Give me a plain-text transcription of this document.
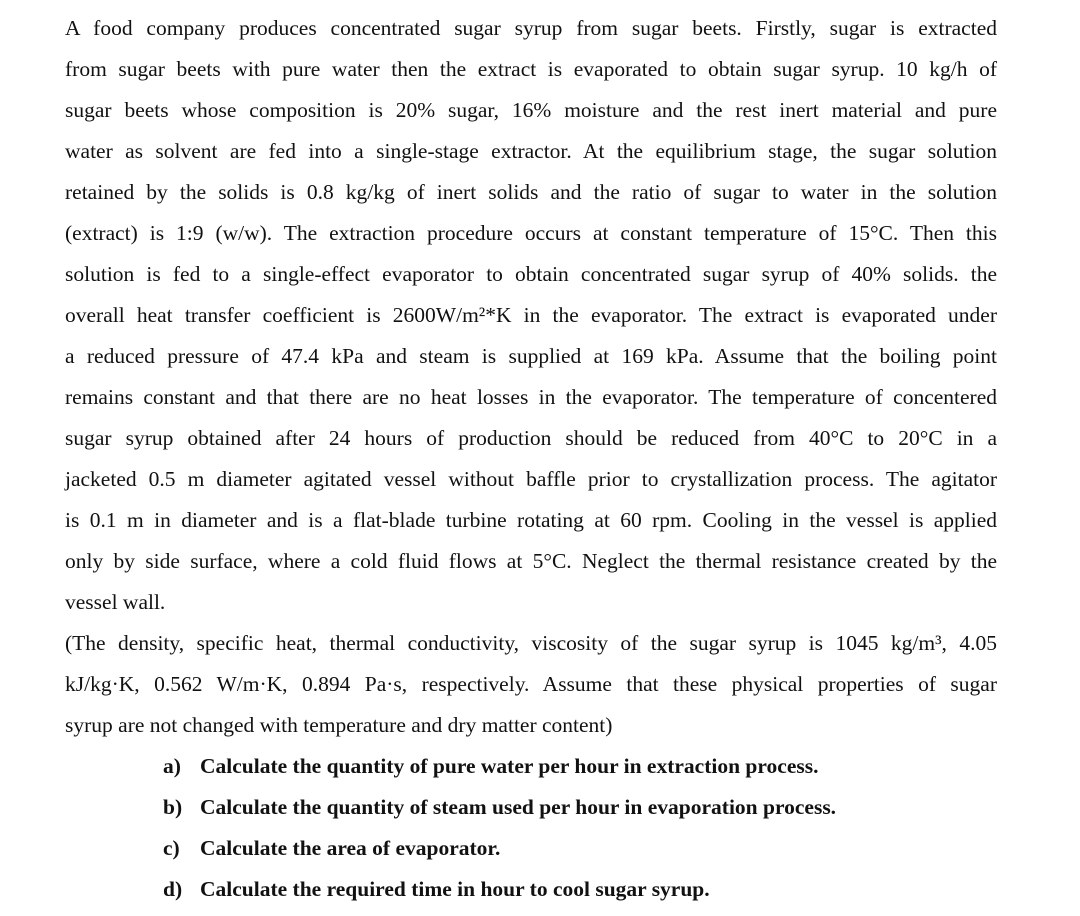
A food company produces concentrated sugar syrup from sugar beets. Firstly, sugar is extracted
from sugar beets with pure water then the extract is evaporated to obtain sugar syrup. 10 kg/h of
sugar beets whose composition is 20% sugar, 16% moisture and the rest inert material and pure
water as solvent are fed into a single-stage extractor. At the equilibrium stage, the sugar solution
retained by the solids is 0.8 kg/kg of inert solids and the ratio of sugar to water in the solution
(extract) is 1:9 (w/w). The extraction procedure occurs at constant temperature of 15°C. Then this
solution is fed to a single-effect evaporator to obtain concentrated sugar syrup of 40% solids. the
overall heat transfer coefficient is 2600W/m²*K in the evaporator. The extract is evaporated under
a reduced pressure of 47.4 kPa and steam is supplied at 169 kPa. Assume that the boiling point
remains constant and that there are no heat losses in the evaporator. The temperature of concentered
sugar syrup obtained after 24 hours of production should be reduced from 40°C to 20°C in a
jacketed 0.5 m diameter agitated vessel without baffle prior to crystallization process. The agitator
is 0.1 m in diameter and is a flat-blade turbine rotating at 60 rpm. Cooling in the vessel is applied
only by side surface, where a cold fluid flows at 5°C. Neglect the thermal resistance created by the
vessel wall.
(The density, specific heat, thermal conductivity, viscosity of the sugar syrup is 1045 kg/m³, 4.05
kJ/kg·K, 0.562 W/m·K, 0.894 Pa·s, respectively. Assume that these physical properties of sugar
syrup are not changed with temperature and dry matter content)
a) Calculate the quantity of pure water per hour in extraction process.
b) Calculate the quantity of steam used per hour in evaporation process.
c) Calculate the area of evaporator.
d) Calculate the required time in hour to cool sugar syrup.
